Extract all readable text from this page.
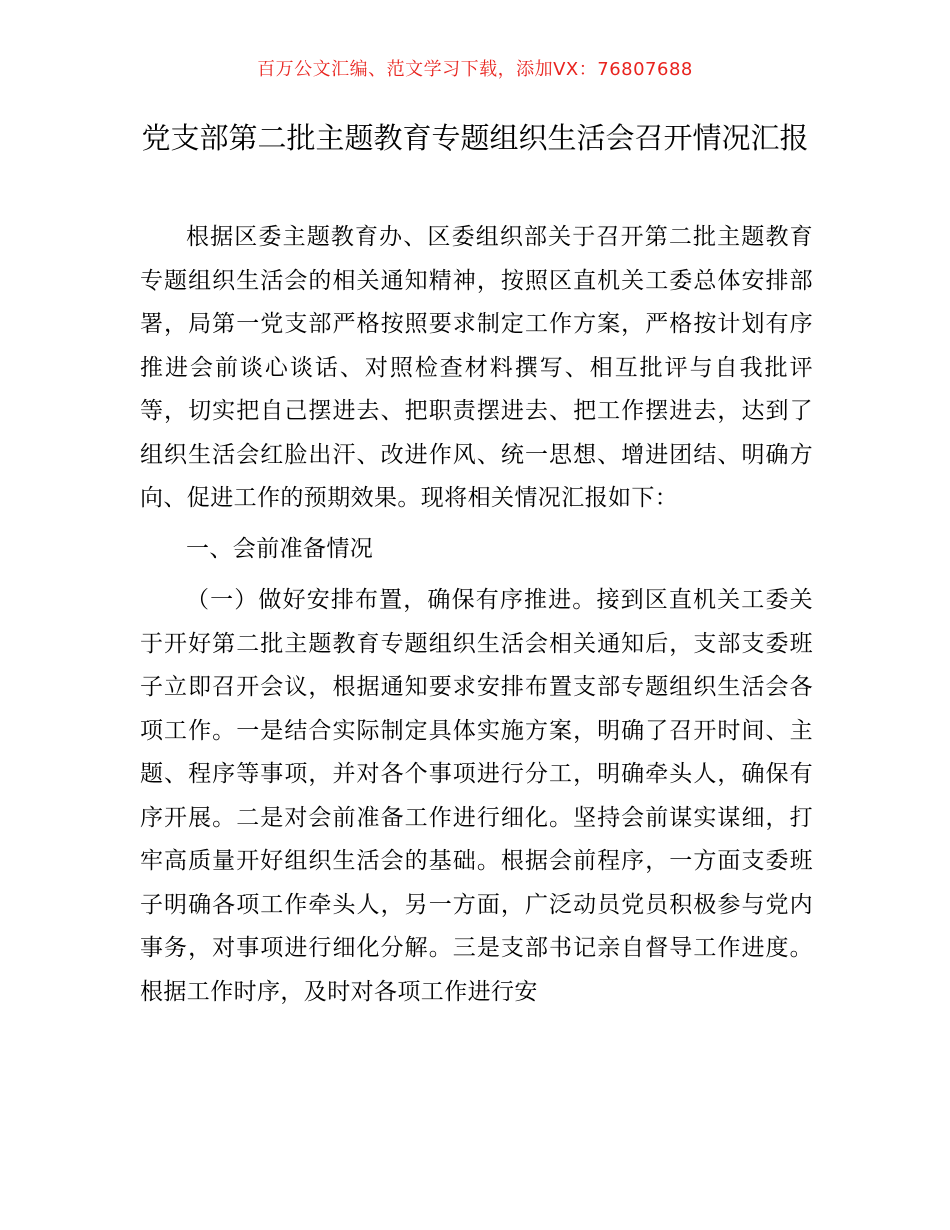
百万公文汇编、范文学习下载，添加VX：76807688
党支部第二批主题教育专题组织生活会召开情况汇报

根据区委主题教育办、区委组织部关于召开第二批主题教育专题组织生活会的相关通知精神，按照区直机关工委总体安排部署，局第一党支部严格按照要求制定工作方案，严格按计划有序推进会前谈心谈话、对照检查材料撰写、相互批评与自我批评等，切实把自己摆进去、把职责摆进去、把工作摆进去，达到了组织生活会红脸出汗、改进作风、统一思想、增进团结、明确方向、促进工作的预期效果。现将相关情况汇报如下：

一、会前准备情况

（一）做好安排布置，确保有序推进。接到区直机关工委关于开好第二批主题教育专题组织生活会相关通知后，支部支委班子立即召开会议，根据通知要求安排布置支部专题组织生活会各项工作。一是结合实际制定具体实施方案，明确了召开时间、主题、程序等事项，并对各个事项进行分工，明确牵头人，确保有序开展。二是对会前准备工作进行细化。坚持会前谋实谋细，打牢高质量开好组织生活会的基础。根据会前程序，一方面支委班子明确各项工作牵头人，另一方面，广泛动员党员积极参与党内事务，对事项进行细化分解。三是支部书记亲自督导工作进度。根据工作时序，及时对各项工作进行安
